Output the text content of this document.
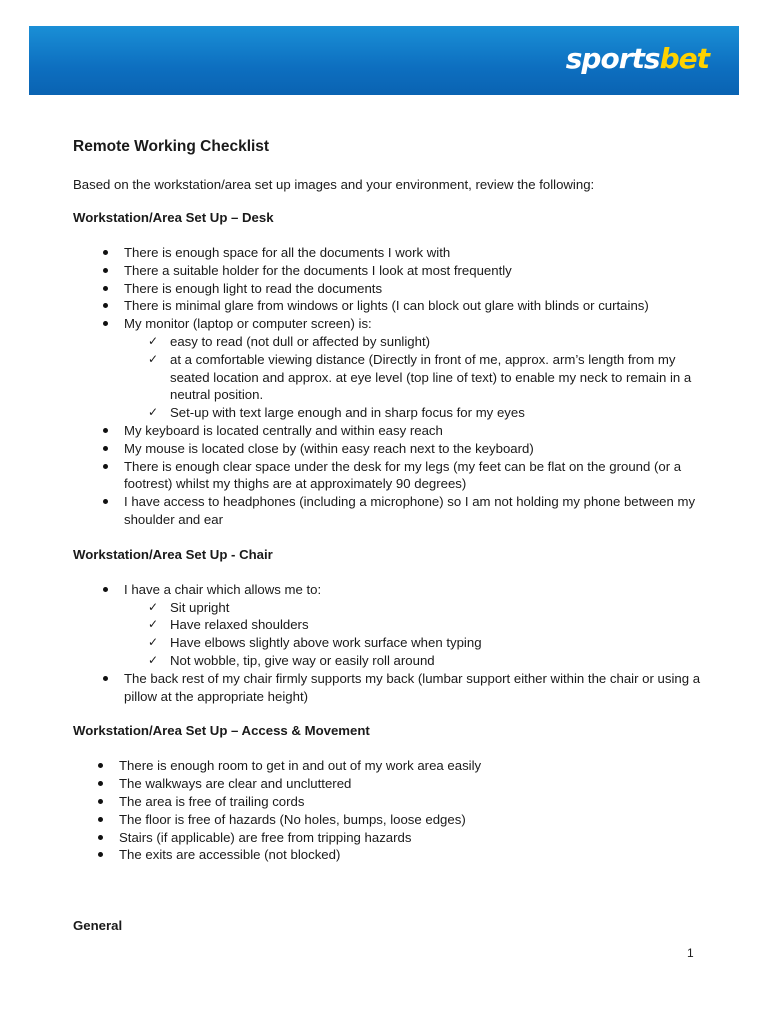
sportsbet
Remote Working Checklist
Based on the workstation/area set up images and your environment, review the following:
Workstation/Area Set Up – Desk
There is enough space for all the documents I work with
There a suitable holder for the documents I look at most frequently
There is enough light to read the documents
There is minimal glare from windows or lights (I can block out glare with blinds or curtains)
My monitor (laptop or computer screen) is:
✓ easy to read (not dull or affected by sunlight)
✓ at a comfortable viewing distance (Directly in front of me, approx. arm’s length from my seated location and approx. at eye level (top line of text) to enable my neck to remain in a neutral position.
✓ Set-up with text large enough and in sharp focus for my eyes
My keyboard is located centrally and within easy reach
My mouse is located close by (within easy reach next to the keyboard)
There is enough clear space under the desk for my legs (my feet can be flat on the ground (or a footrest) whilst my thighs are at approximately 90 degrees)
I have access to headphones (including a microphone) so I am not holding my phone between my shoulder and ear
Workstation/Area Set Up - Chair
I have a chair which allows me to:
✓ Sit upright
✓ Have relaxed shoulders
✓ Have elbows slightly above work surface when typing
✓ Not wobble, tip, give way or easily roll around
The back rest of my chair firmly supports my back (lumbar support either within the chair or using a pillow at the appropriate height)
Workstation/Area Set Up – Access & Movement
There is enough room to get in and out of my work area easily
The walkways are clear and uncluttered
The area is free of trailing cords
The floor is free of hazards (No holes, bumps, loose edges)
Stairs (if applicable) are free from tripping hazards
The exits are accessible (not blocked)
General
1
